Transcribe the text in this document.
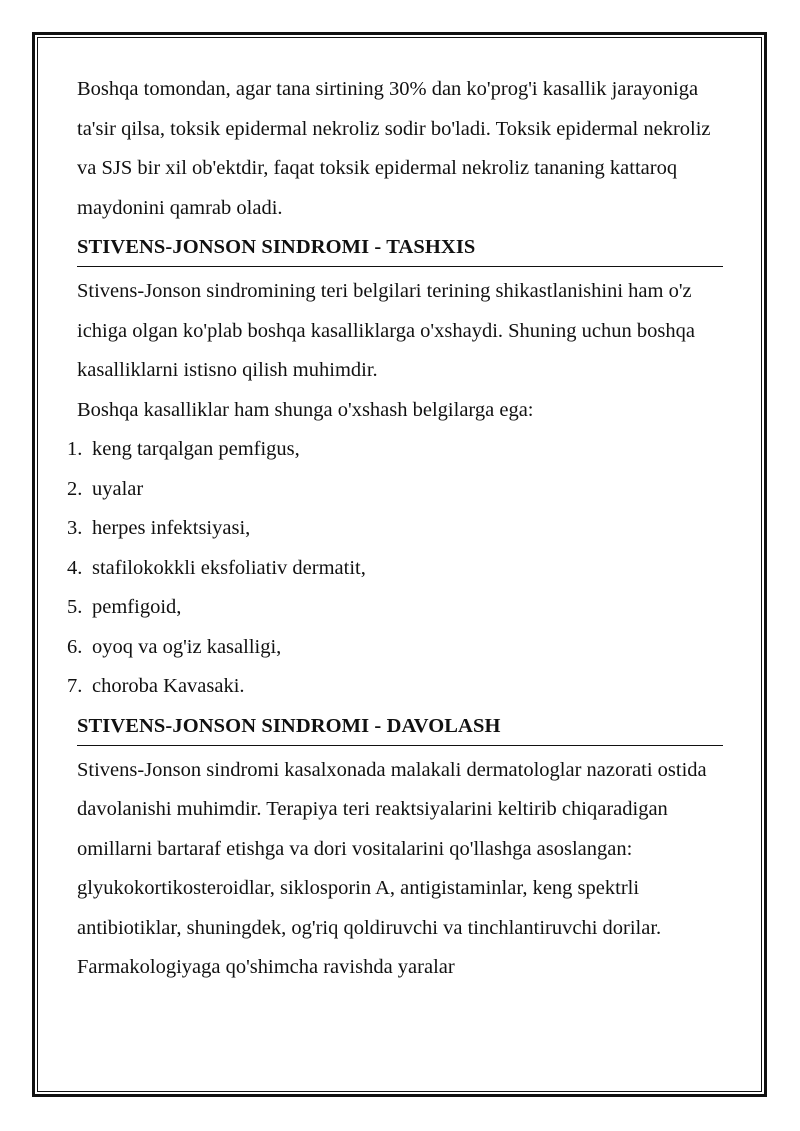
Boshqa tomondan, agar tana sirtining 30% dan ko'prog'i kasallik jarayoniga ta'sir qilsa, toksik epidermal nekroliz sodir bo'ladi. Toksik epidermal nekroliz va SJS bir xil ob'ektdir, faqat toksik epidermal nekroliz tananing kattaroq maydonini qamrab oladi.

STIVENS-JONSON SINDROMI - TASHXIS

Stivens-Jonson sindromining teri belgilari terining shikastlanishini ham o'z ichiga olgan ko'plab boshqa kasalliklarga o'xshaydi. Shuning uchun boshqa kasalliklarni istisno qilish muhimdir.

Boshqa kasalliklar ham shunga o'xshash belgilarga ega:

1. keng tarqalgan pemfigus,
2. uyalar
3. herpes infektsiyasi,
4. stafilokokkli eksfoliativ dermatit,
5. pemfigoid,
6. oyoq va og'iz kasalligi,
7. choroba Kavasaki.
STIVENS-JONSON SINDROMI - DAVOLASH

Stivens-Jonson sindromi kasalxonada malakali dermatologlar nazorati ostida davolanishi muhimdir. Terapiya teri reaktsiyalarini keltirib chiqaradigan omillarni bartaraf etishga va dori vositalarini qo'llashga asoslangan: glyukokortikosteroidlar, siklosporin A, antigistaminlar, keng spektrli antibiotiklar, shuningdek, og'riq qoldiruvchi va tinchlantiruvchi dorilar. Farmakologiyaga qo'shimcha ravishda yaralar
